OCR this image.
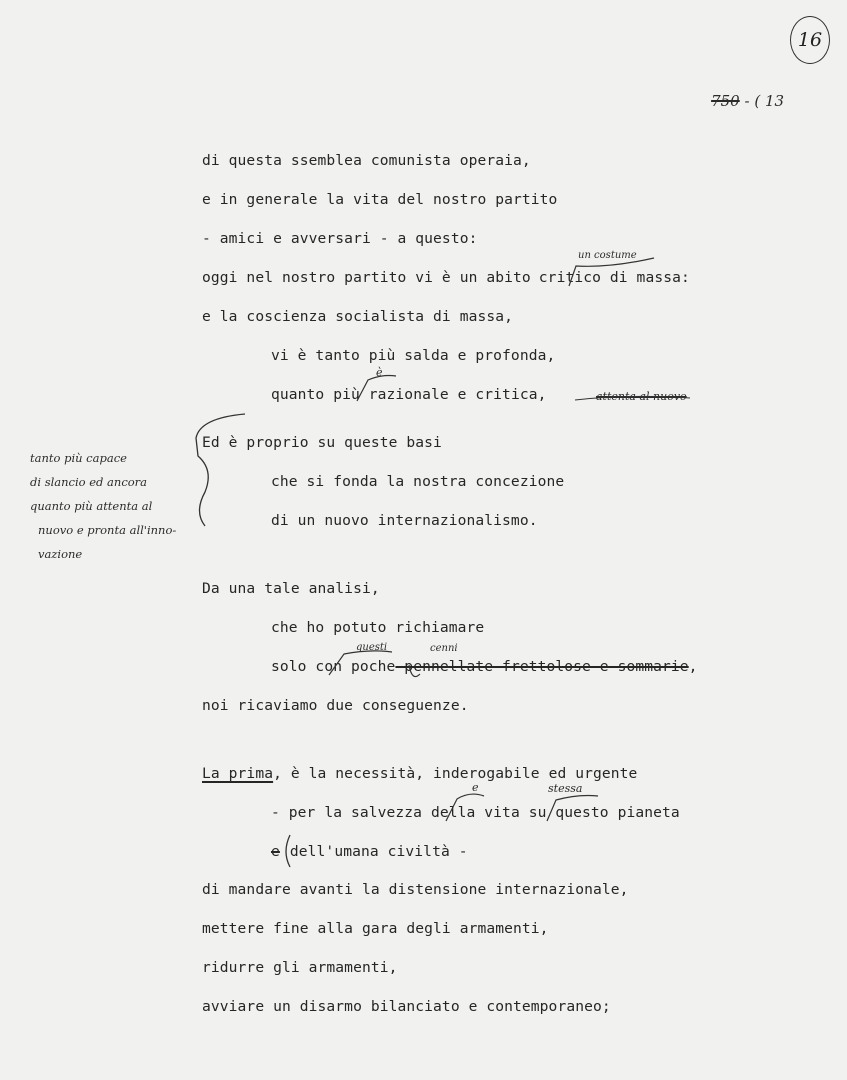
16

750 - ( 13

di questa ssemblea comunista operaia,
e in generale la vita del nostro partito
- amici e avversari - a questo:
un costume
oggi nel nostro partito vi è un abito critico di massa:
e la coscienza socialista di massa,
vi è tanto più salda e profonda,
è
quanto più razionale e critica,	attenta al nuovo
Ed è proprio su queste basi
che si fonda la nostra concezione
di un nuovo internazionalismo.
tanto più capace
di slancio ed ancora
quanto più attenta al
nuovo e pronta all'inno-
vazione
Da una tale analisi,
che ho potuto richiamare
questi	cenni
solo con poche pennellate frettolose e sommarie,
noi ricaviamo due conseguenze.
La prima, è la necessità, inderogabile ed urgente
e	stessa
- per la salvezza della vita su questo pianeta
e dell'umana civiltà -
di mandare avanti la distensione internazionale,
mettere fine alla gara degli armamenti,
ridurre gli armamenti,
avviare un disarmo bilanciato e contemporaneo;
